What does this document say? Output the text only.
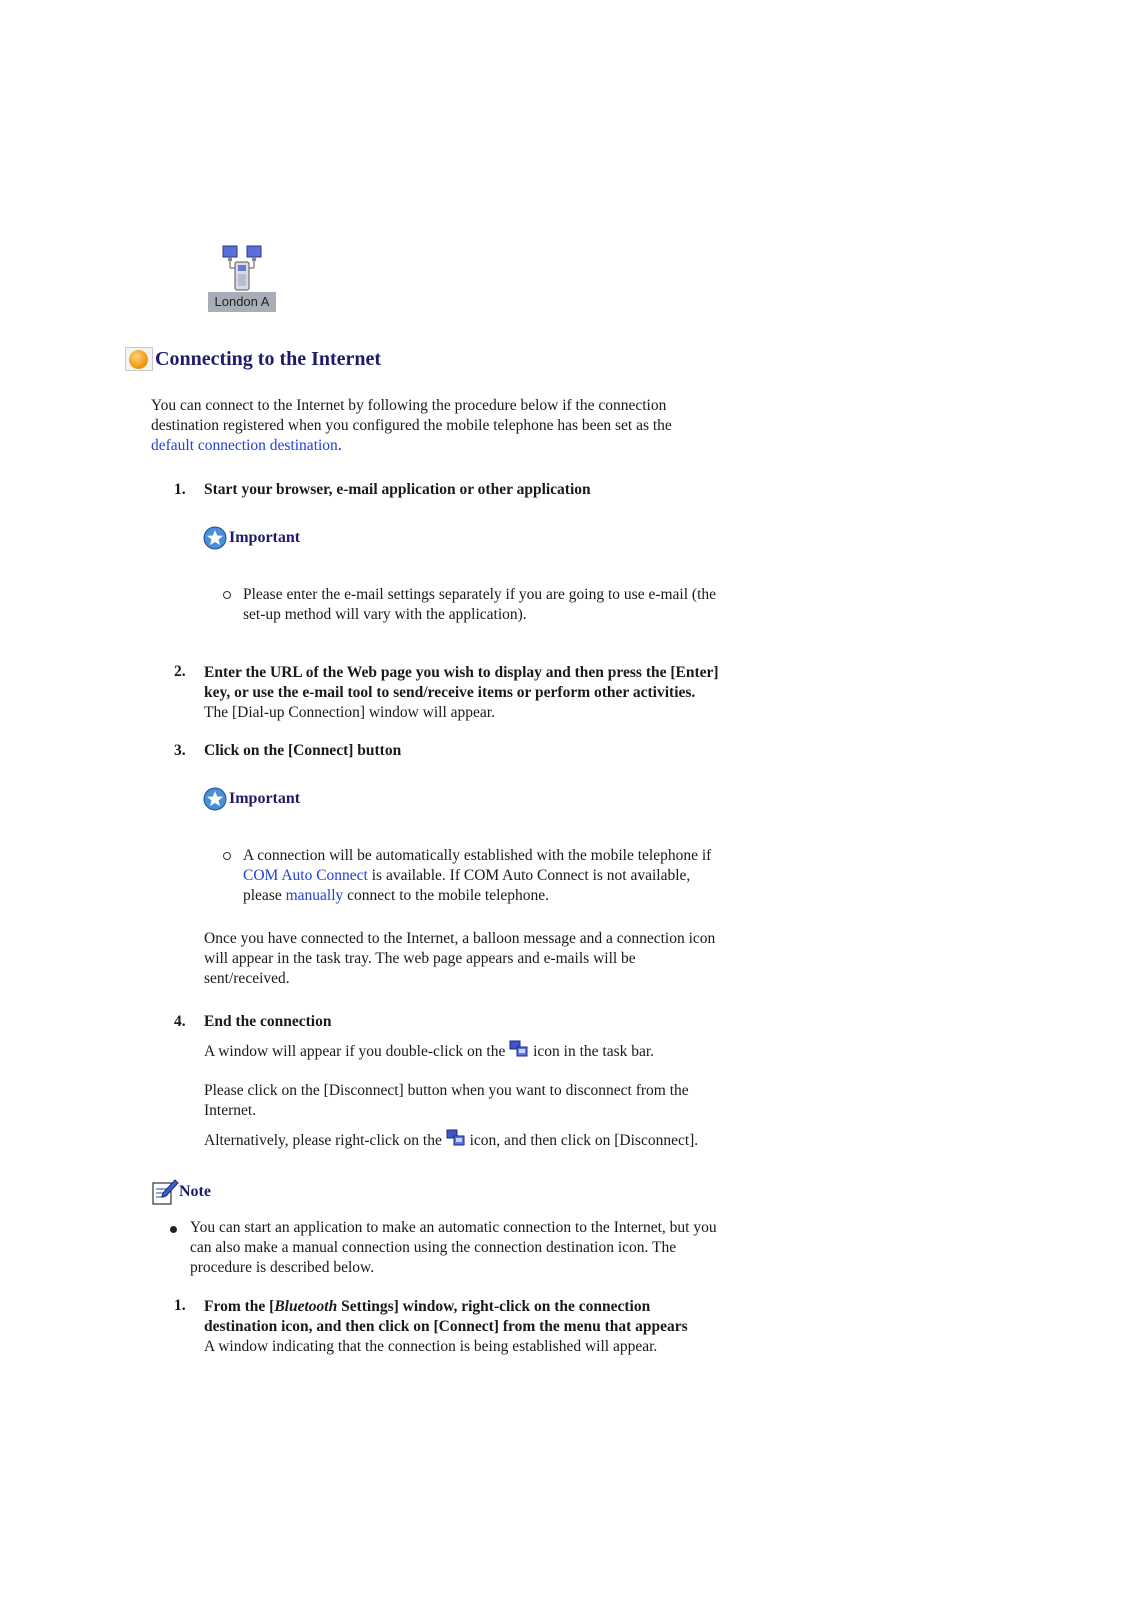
London A
Connecting to the Internet
You can connect to the Internet by following the procedure below if the connection
destination registered when you configured the mobile telephone has been set as the
default connection destination.
1. Start your browser, e-mail application or other application
Important
Please enter the e-mail settings separately if you are going to use e-mail (the
set-up method will vary with the application).
2. Enter the URL of the Web page you wish to display and then press the [Enter]
key, or use the e-mail tool to send/receive items or perform other activities.
The [Dial-up Connection] window will appear.
3. Click on the [Connect] button
Important
A connection will be automatically established with the mobile telephone if
COM Auto Connect is available. If COM Auto Connect is not available,
please manually connect to the mobile telephone.
Once you have connected to the Internet, a balloon message and a connection icon
will appear in the task tray. The web page appears and e-mails will be
sent/received.
4. End the connection
A window will appear if you double-click on the  icon in the task bar.
Please click on the [Disconnect] button when you want to disconnect from the
Internet.
Alternatively, please right-click on the  icon, and then click on [Disconnect].
Note
You can start an application to make an automatic connection to the Internet, but you
can also make a manual connection using the connection destination icon. The
procedure is described below.
1. From the [Bluetooth Settings] window, right-click on the connection
destination icon, and then click on [Connect] from the menu that appears
A window indicating that the connection is being established will appear.
